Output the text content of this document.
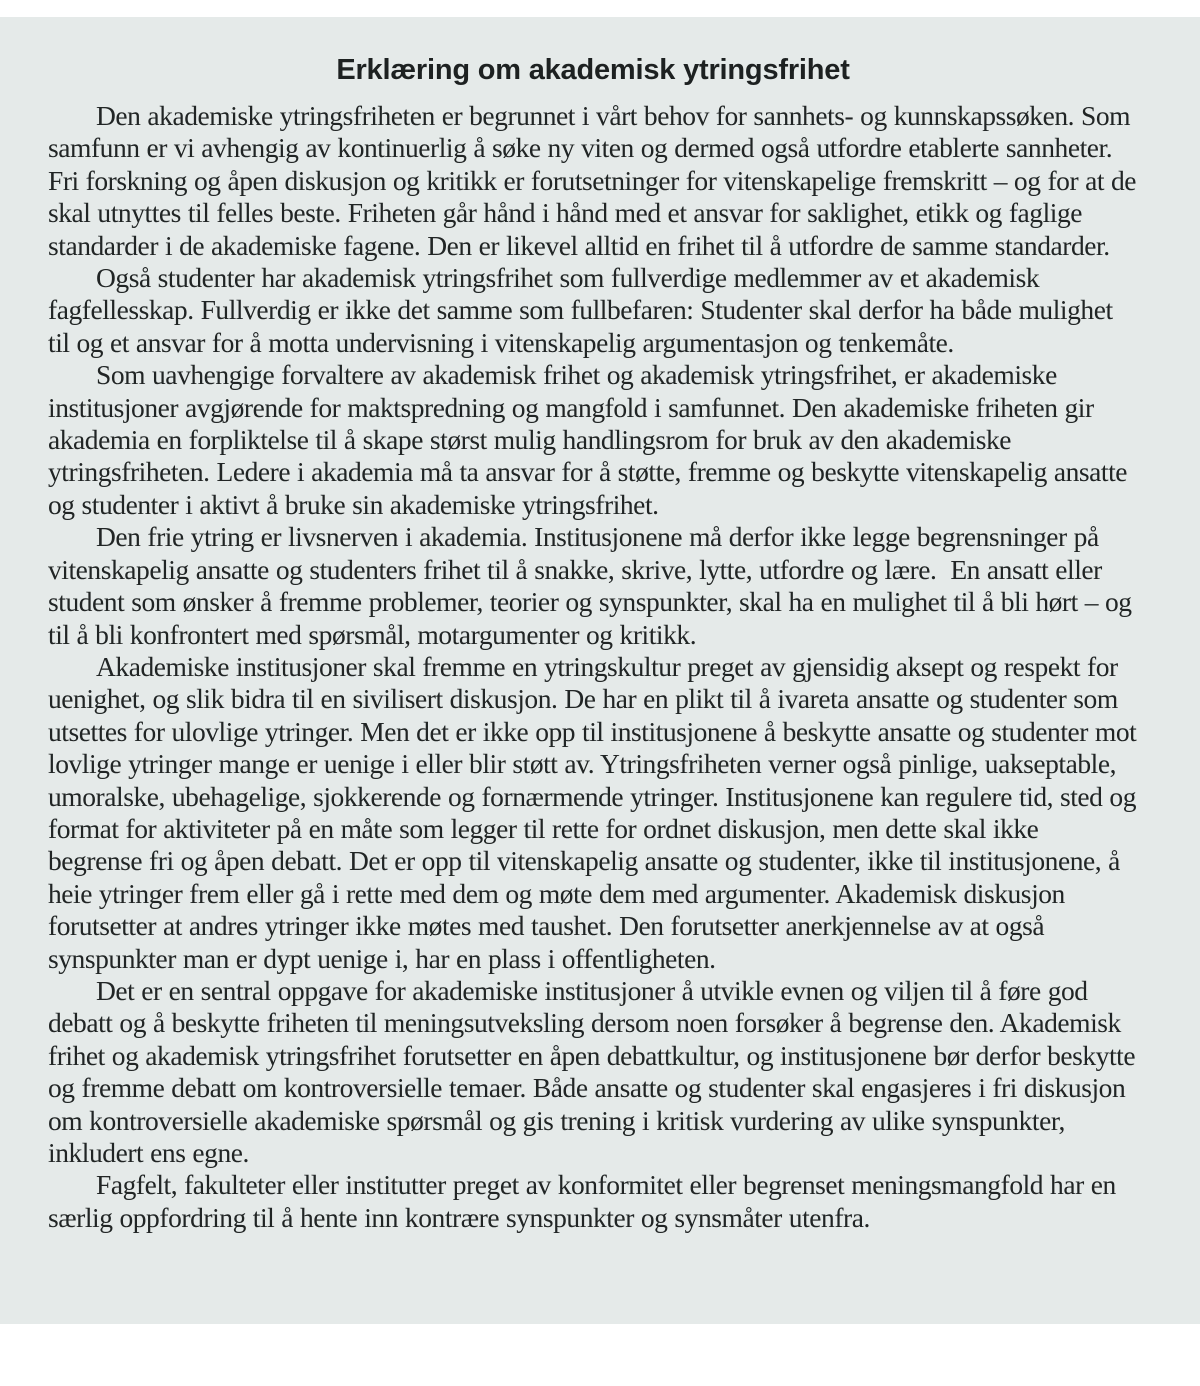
Erklæring om akademisk ytringsfrihet

Den akademiske ytringsfriheten er begrunnet i vårt behov for sannhets- og kunnskapssøken. Som samfunn er vi avhengig av kontinuerlig å søke ny viten og dermed også utfordre etablerte sannheter. Fri forskning og åpen diskusjon og kritikk er forutsetninger for vitenskapelige fremskritt – og for at de skal utnyttes til felles beste. Friheten går hånd i hånd med et ansvar for saklighet, etikk og faglige standarder i de akademiske fagene. Den er likevel alltid en frihet til å utfordre de samme standarder.

Også studenter har akademisk ytringsfrihet som fullverdige medlemmer av et akademisk fagfellesskap. Fullverdig er ikke det samme som fullbefaren: Studenter skal derfor ha både mulighet til og et ansvar for å motta undervisning i vitenskapelig argumentasjon og tenkemåte.

Som uavhengige forvaltere av akademisk frihet og akademisk ytringsfrihet, er akademiske institusjoner avgjørende for maktspredning og mangfold i samfunnet. Den akademiske friheten gir akademia en forpliktelse til å skape størst mulig handlingsrom for bruk av den akademiske ytringsfriheten. Ledere i akademia må ta ansvar for å støtte, fremme og beskytte vitenskapelig ansatte og studenter i aktivt å bruke sin akademiske ytringsfrihet.

Den frie ytring er livsnerven i akademia. Institusjonene må derfor ikke legge begrensninger på vitenskapelig ansatte og studenters frihet til å snakke, skrive, lytte, utfordre og lære.  En ansatt eller student som ønsker å fremme problemer, teorier og synspunkter, skal ha en mulighet til å bli hørt – og til å bli konfrontert med spørsmål, motargumenter og kritikk.

Akademiske institusjoner skal fremme en ytringskultur preget av gjensidig aksept og respekt for uenighet, og slik bidra til en sivilisert diskusjon. De har en plikt til å ivareta ansatte og studenter som utsettes for ulovlige ytringer. Men det er ikke opp til institusjonene å beskytte ansatte og studenter mot lovlige ytringer mange er uenige i eller blir støtt av. Ytringsfriheten verner også pinlige, uakseptable, umoralske, ubehagelige, sjokkerende og fornærmende ytringer. Institusjonene kan regulere tid, sted og format for aktiviteter på en måte som legger til rette for ordnet diskusjon, men dette skal ikke begrense fri og åpen debatt. Det er opp til vitenskapelig ansatte og studenter, ikke til institusjonene, å heie ytringer frem eller gå i rette med dem og møte dem med argumenter. Akademisk diskusjon forutsetter at andres ytringer ikke møtes med taushet. Den forutsetter anerkjennelse av at også synspunkter man er dypt uenige i, har en plass i offentligheten.

Det er en sentral oppgave for akademiske institusjoner å utvikle evnen og viljen til å føre god debatt og å beskytte friheten til meningsutveksling dersom noen forsøker å begrense den. Akademisk frihet og akademisk ytringsfrihet forutsetter en åpen debattkultur, og institusjonene bør derfor beskytte og fremme debatt om kontroversielle temaer. Både ansatte og studenter skal engasjeres i fri diskusjon om kontroversielle akademiske spørsmål og gis trening i kritisk vurdering av ulike synspunkter, inkludert ens egne.

Fagfelt, fakulteter eller institutter preget av konformitet eller begrenset meningsmangfold har en særlig oppfordring til å hente inn kontrære synspunkter og synsmåter utenfra.
